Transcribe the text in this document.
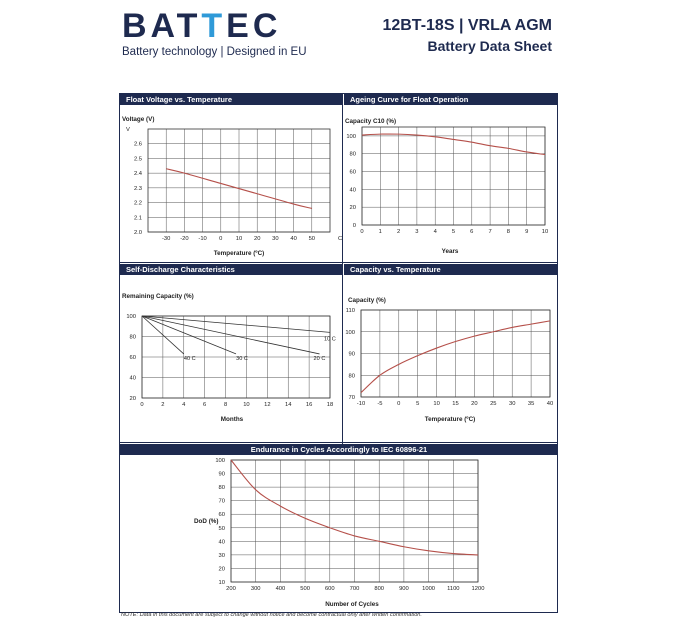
BATTEC
Battery technology | Designed in EU
12BT-18S | VRLA AGM
Battery Data Sheet
Float Voltage vs. Temperature	Ageing Curve for Float Operation
Self-Discharge Characteristics	Capacity vs. Temperature
Endurance in Cycles Accordingly to IEC 60896-21
-30 -20 -10 0 10 20 30 40 50
2.0
2.1
2.2
2.3
2.4
2.5
2.6
V
C
Voltage (V)
Temperature (ºC)
0	1	2	3	4	5	6	7	8	9 10
0
20
40
60
80
100
Capacity C10 (%)
Years
0	2	4	6	8	10 12 14 16 18
20
40
60
80
100
Remaining Capacity (%)
Months
10 C
20 C
30 C
40 C
-10 -5	0	5 10 15 20 25 30 35 40
70
80
90
100
110
Capacity (%)
Temperature (ºC)
200	300	400	500	600	700	800	900 1000 1100 1200
10
20
30
40
50
60
70
80
90
100
DoD (%)
Number of Cycles
NOTE: Data in this document are subject to change without notice and become contractual only after written confirmation.
